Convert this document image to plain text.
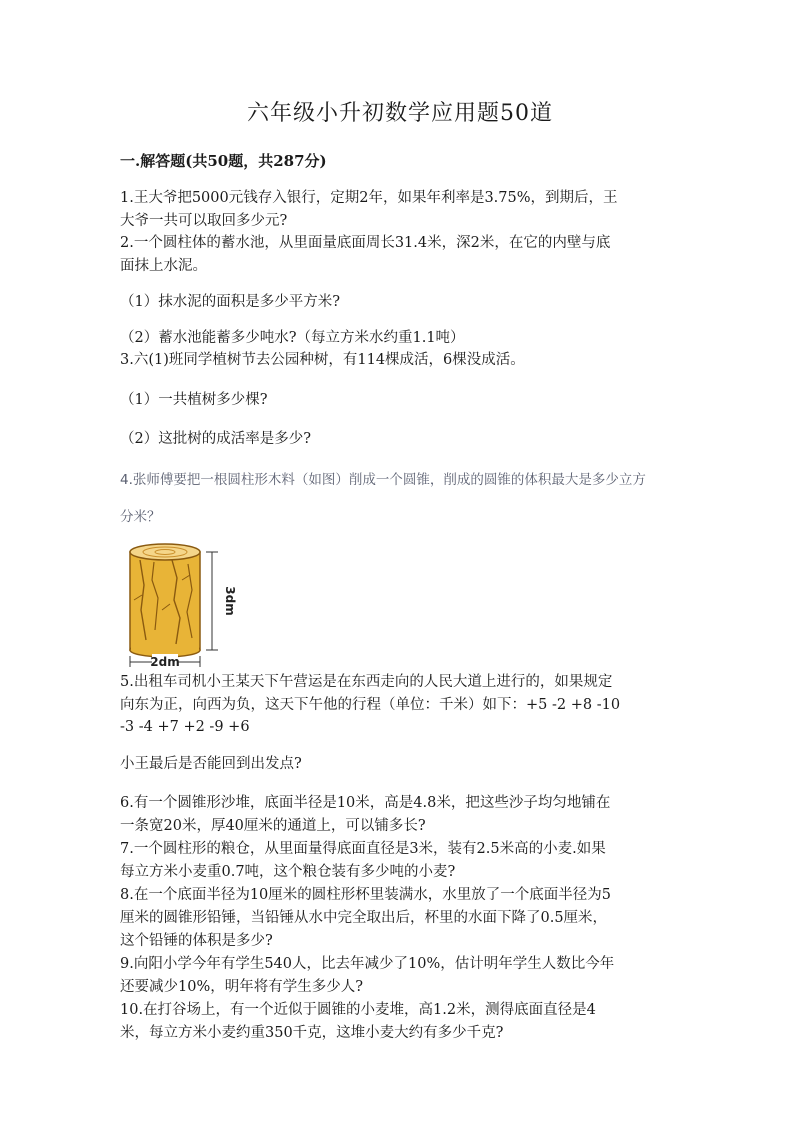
六年级小升初数学应用题50道
一.解答题(共50题，共287分)
1.王大爷把5000元钱存入银行，定期2年，如果年利率是3.75%，到期后，王
大爷一共可以取回多少元?
2.一个圆柱体的蓄水池，从里面量底面周长31.4米，深2米，在它的内壁与底
面抹上水泥。
（1）抹水泥的面积是多少平方米?
（2）蓄水池能蓄多少吨水?（每立方米水约重1.1吨）
3.六(1)班同学植树节去公园种树，有114棵成活，6棵没成活。
（1）一共植树多少棵?
（2）这批树的成活率是多少?
4.张师傅要把一根圆柱形木料（如图）削成一个圆锥，削成的圆锥的体积最大是多少立方
分米？
3dm
2dm
5.出租车司机小王某天下午营运是在东西走向的人民大道上进行的，如果规定
向东为正，向西为负，这天下午他的行程（单位：千米）如下：+5 -2 +8 -10
-3 -4 +7 +2 -9 +6
小王最后是否能回到出发点?
6.有一个圆锥形沙堆，底面半径是10米，高是4.8米，把这些沙子均匀地铺在
一条宽20米，厚40厘米的通道上，可以铺多长?
7.一个圆柱形的粮仓，从里面量得底面直径是3米，装有2.5米高的小麦.如果
每立方米小麦重0.7吨，这个粮仓装有多少吨的小麦?
8.在一个底面半径为10厘米的圆柱形杯里装满水，水里放了一个底面半径为5
厘米的圆锥形铅锤，当铅锤从水中完全取出后，杯里的水面下降了0.5厘米，
这个铅锤的体积是多少?
9.向阳小学今年有学生540人，比去年减少了10%，估计明年学生人数比今年
还要减少10%，明年将有学生多少人?
10.在打谷场上，有一个近似于圆锥的小麦堆，高1.2米，测得底面直径是4
米，每立方米小麦约重350千克，这堆小麦大约有多少千克?
